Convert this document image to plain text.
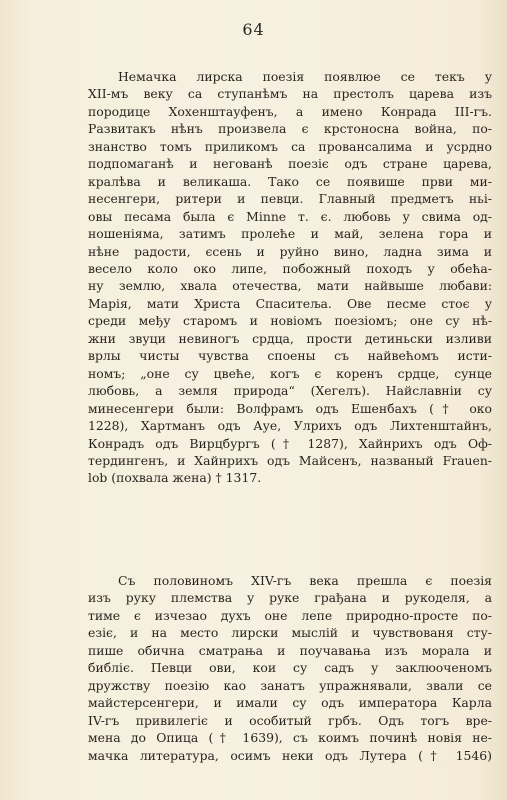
64
Немачка лирска поезія появлюе се текъ у
XII-мъ веку са ступанѣмъ на престолъ царева изъ
породице Хохенштауфенъ, а имено Конрада III-гъ.
Развитакъ нѣнъ произвела є крстоносна война, по-
знанство томъ приликомъ са провансалима и усрдно
подпомаганѣ и негованѣ поезіє одъ стране царева,
кралѣва и великаша. Тако се появише први ми-
несенгери, ритери и певци. Главный предметъ ньі-
овы песама была є Minne т. є. любовь у свима од-
ношеніяма, затимъ пролеће и май, зелена гора и
нѣне радости, єсень и руйно вино, ладна зима и
весело коло око липе, побожный походъ у обећа-
ну землю, хвала отечества, мати найвыше любави:
Марія, мати Христа Спаситеља. Ове песме стоє у
среди међу старомъ и новіомъ поезіомъ; оне су нѣ-
жни звуци невиногъ срдца, прости детиньски изливи
врлы чисты чувства споены съ найвећомъ исти-
номъ; „оне су цвећe, когъ є коренъ срдце, сунце
любовь, а земля природа“ (Хегелъ). Найславніи су
минесенгери были: Волфрамъ одъ Ешенбахъ († око
1228), Хартманъ одъ Ауе, Улрихъ одъ Лихтенштайнъ,
Конрадъ одъ Вирцбургъ († 1287), Хайнрихъ одъ Оф-
тердингенъ, и Хайнрихъ одъ Майсенъ, названый Frauen-
lob (похвала жена) † 1317.
Съ половиномъ XIV-гъ века прешла є поезія
изъ руку племства у руке грађана и рукоделя, а
тиме є изчезао духъ оне лепе природно-просте по-
езіє, и на место лирски мыслій и чувствованя сту-
пише обична сматрања и поучавања изъ морала и
библіє. Певци ови, кои су садъ у заклюоченомъ
дружству поезію као занатъ упражнявали, звали се
майстерсенгери, и имали су одъ императора Карла
IV-гъ привилегіє и особитый грбъ. Одъ тогъ вре-
мена до Опица († 1639), съ коимъ починѣ новія не-
мачка литература, осимъ неки одъ Лутера († 1546)
